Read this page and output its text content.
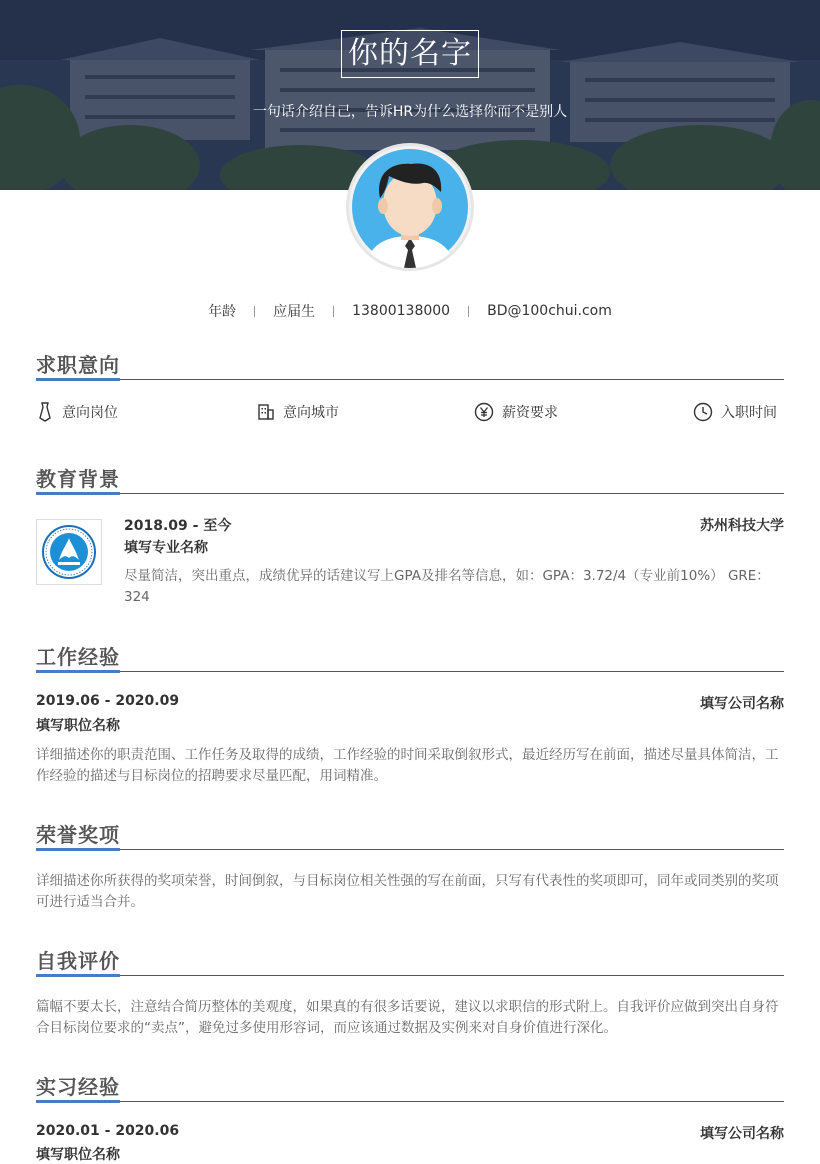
你的名字
一句话介绍自己，告诉HR为什么选择你而不是别人
年龄	应届生	13800138000	BD@100chui.com
求职意向
意向岗位	意向城市	薪资要求	入职时间
教育背景
2018.09 - 至今	苏州科技大学
填写专业名称
尽量简洁，突出重点，成绩优异的话建议写上GPA及排名等信息，如：GPA：3.72/4（专业前10%） GRE：324
工作经验
2019.06 - 2020.09	填写公司名称
填写职位名称
详细描述你的职责范围、工作任务及取得的成绩，工作经验的时间采取倒叙形式，最近经历写在前面，描述尽量具体简洁，工作经验的描述与目标岗位的招聘要求尽量匹配，用词精准。
荣誉奖项
详细描述你所获得的奖项荣誉，时间倒叙，与目标岗位相关性强的写在前面，只写有代表性的奖项即可，同年或同类别的奖项可进行适当合并。
自我评价
篇幅不要太长，注意结合简历整体的美观度，如果真的有很多话要说，建议以求职信的形式附上。自我评价应做到突出自身符合目标岗位要求的“卖点”，避免过多使用形容词，而应该通过数据及实例来对自身价值进行深化。
实习经验
2020.01 - 2020.06	填写公司名称
填写职位名称
